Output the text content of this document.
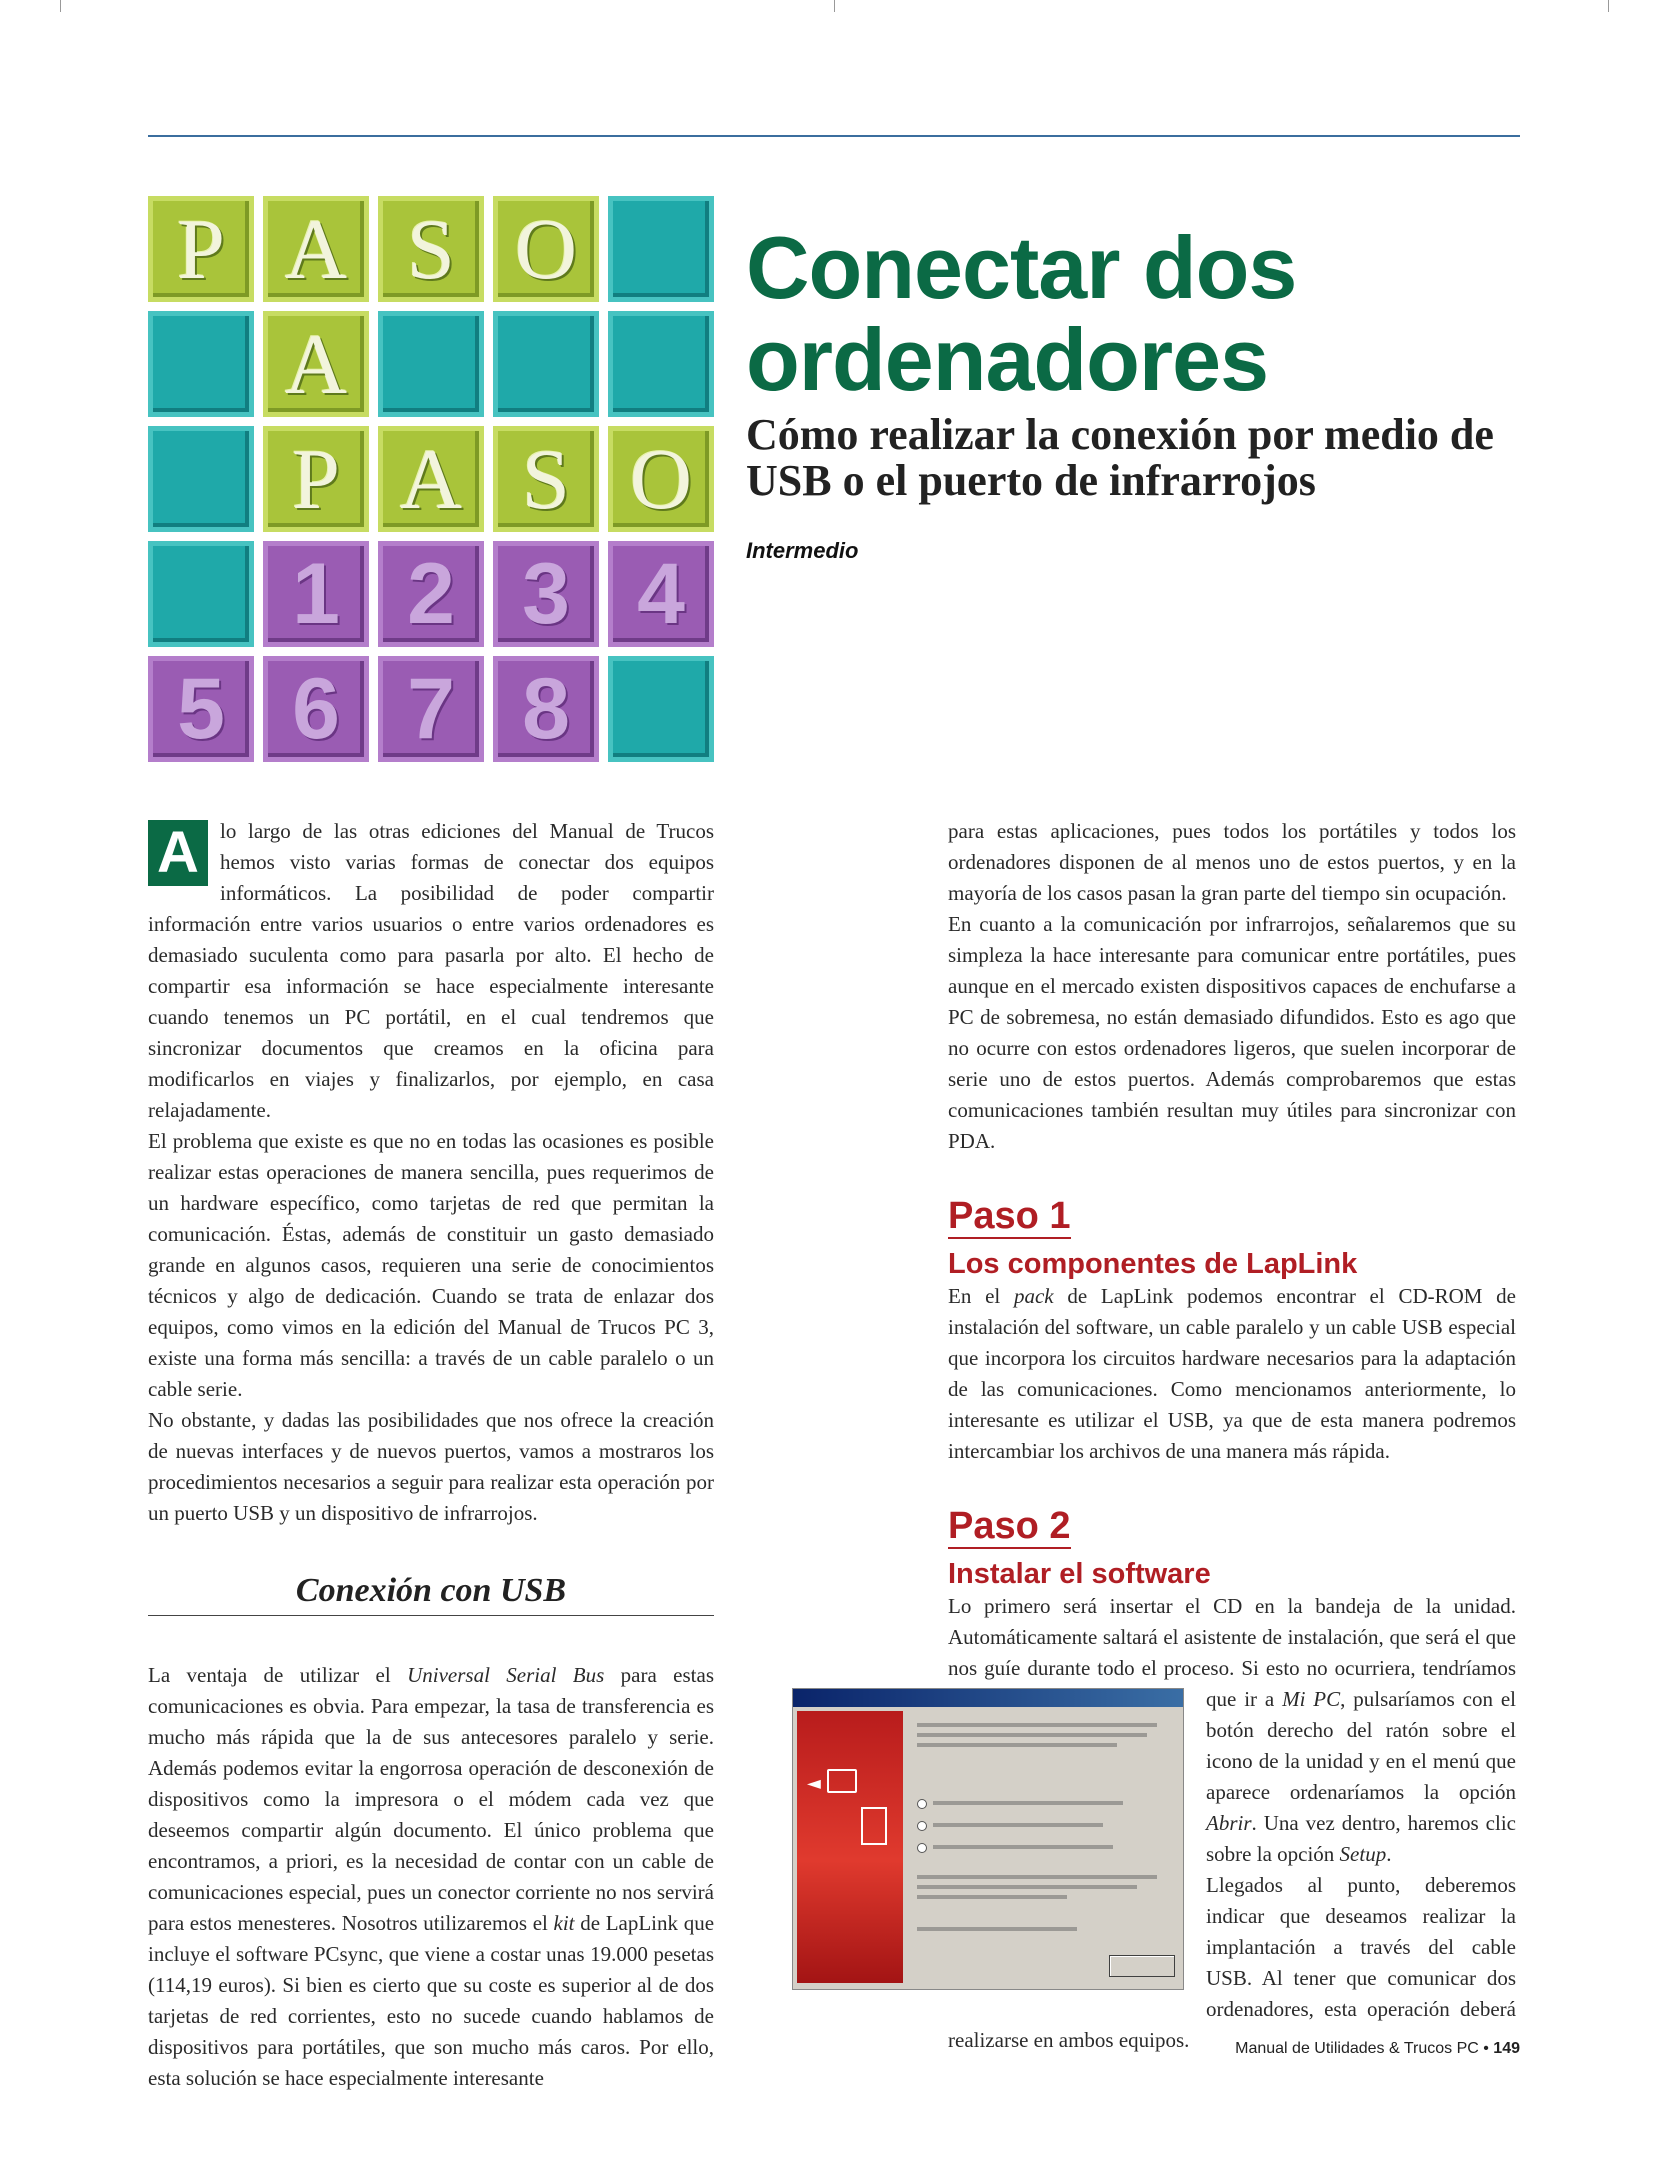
P A S O
A
P A S O
1 2 3 4
5 6 7 8
Conectar dos ordenadores
Cómo realizar la conexión por medio de USB o el puerto de infrarrojos

Intermedio

A	lo largo de las otras ediciones del Manual de Trucos hemos visto varias formas de conectar dos equipos informáticos. La posibilidad de poder compartir información entre varios usuarios o entre varios ordenadores es demasiado suculenta como para pasarla por alto. El hecho de compartir esa información se hace especialmente interesante cuando tenemos un PC portátil, en el cual tendremos que sincronizar documentos que creamos en la oficina para modificarlos en viajes y finalizarlos, por ejemplo, en casa relajadamente.

El problema que existe es que no en todas las ocasiones es posible realizar estas operaciones de manera sencilla, pues requerimos de un hardware específico, como tarjetas de red que permitan la comunicación. Éstas, además de constituir un gasto demasiado grande en algunos casos, requieren una serie de conocimientos técnicos y algo de dedicación. Cuando se trata de enlazar dos equipos, como vimos en la edición del Manual de Trucos PC 3, existe una forma más sencilla: a través de un cable paralelo o un cable serie.

No obstante, y dadas las posibilidades que nos ofrece la creación de nuevas interfaces y de nuevos puertos, vamos a mostraros los procedimientos necesarios a seguir para realizar esta operación por un puerto USB y un dispositivo de infrarrojos.

Conexión con USB

La ventaja de utilizar el Universal Serial Bus para estas comunicaciones es obvia. Para empezar, la tasa de transferencia es mucho más rápida que la de sus antecesores paralelo y serie. Además podemos evitar la engorrosa operación de desconexión de dispositivos como la impresora o el módem cada vez que deseemos compartir algún documento. El único problema que encontramos, a priori, es la necesidad de contar con un cable de comunicaciones especial, pues un conector corriente no nos servirá para estos menesteres. Nosotros utilizaremos el kit de LapLink que incluye el software PCsync, que viene a costar unas 19.000 pesetas (114,19 euros). Si bien es cierto que su coste es superior al de dos tarjetas de red corrientes, esto no sucede cuando hablamos de dispositivos para portátiles, que son mucho más caros. Por ello, esta solución se hace especialmente interesante

para estas aplicaciones, pues todos los portátiles y todos los ordenadores disponen de al menos uno de estos puertos, y en la mayoría de los casos pasan la gran parte del tiempo sin ocupación.

En cuanto a la comunicación por infrarrojos, señalaremos que su simpleza la hace interesante para comunicar entre portátiles, pues aunque en el mercado existen dispositivos capaces de enchufarse a PC de sobremesa, no están demasiado difundidos. Esto es ago que no ocurre con estos ordenadores ligeros, que suelen incorporar de serie uno de estos puertos. Además comprobaremos que estas comunicaciones también resultan muy útiles para sincronizar con PDA.

Paso 1
Los componentes de LapLink

En el pack de LapLink podemos encontrar el CD-ROM de instalación del software, un cable paralelo y un cable USB especial que incorpora los circuitos hardware necesarios para la adaptación de las comunicaciones. Como mencionamos anteriormente, lo interesante es utilizar el USB, ya que de esta manera podremos intercambiar los archivos de una manera más rápida.

Paso 2
Instalar el software

Lo primero será insertar el CD en la bandeja de la unidad. Automáticamente saltará el asistente de instalación, que será el que nos guíe durante todo el proceso. Si esto no ocurriera, tendríamos que ir a Mi PC, pulsaríamos con el botón derecho del ratón sobre el icono de la unidad y en el menú que aparece ordenaríamos la opción Abrir. Una vez dentro, haremos clic sobre la opción Setup.

Llegados al punto, deberemos indicar que deseamos realizar la implantación a través del cable USB. Al tener que comunicar dos ordenadores, esta operación deberá realizarse en ambos equipos.

◄

Manual de Utilidades & Trucos PC • 149
